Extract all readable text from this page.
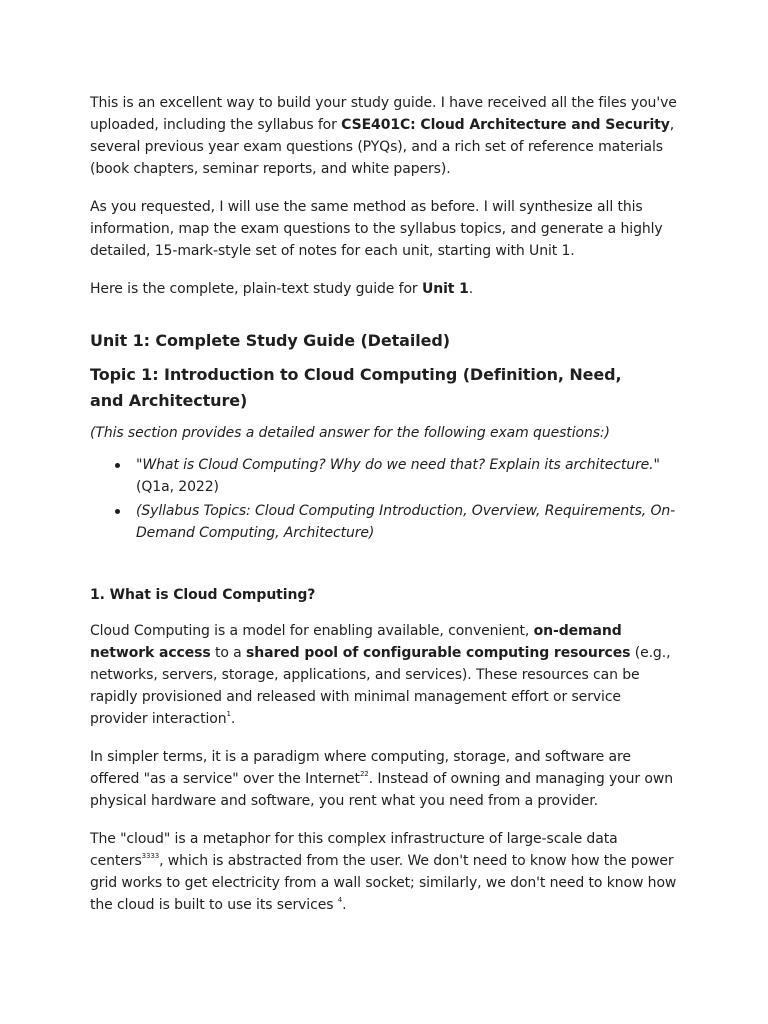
This is an excellent way to build your study guide. I have received all the files you've uploaded, including the syllabus for CSE401C: Cloud Architecture and Security, several previous year exam questions (PYQs), and a rich set of reference materials (book chapters, seminar reports, and white papers).

As you requested, I will use the same method as before. I will synthesize all this information, map the exam questions to the syllabus topics, and generate a highly detailed, 15-mark-style set of notes for each unit, starting with Unit 1.

Here is the complete, plain-text study guide for Unit 1.

Unit 1: Complete Study Guide (Detailed)
Topic 1: Introduction to Cloud Computing (Definition, Need, and Architecture)

(This section provides a detailed answer for the following exam questions:)

"What is Cloud Computing? Why do we need that? Explain its architecture." (Q1a, 2022)
(Syllabus Topics: Cloud Computing Introduction, Overview, Requirements, On-Demand Computing, Architecture)
1. What is Cloud Computing?

Cloud Computing is a model for enabling available, convenient, on-demand network access to a shared pool of configurable computing resources (e.g., networks, servers, storage, applications, and services). These resources can be rapidly provisioned and released with minimal management effort or service provider interaction$^1$.

In simpler terms, it is a paradigm where computing, storage, and software are offered "as a service" over the Internet$^{22}$. Instead of owning and managing your own physical hardware and software, you rent what you need from a provider.

The "cloud" is a metaphor for this complex infrastructure of large-scale data centers$^{3333}$, which is abstracted from the user. We don't need to know how the power grid works to get electricity from a wall socket; similarly, we don't need to know how the cloud is built to use its services $^4$.
